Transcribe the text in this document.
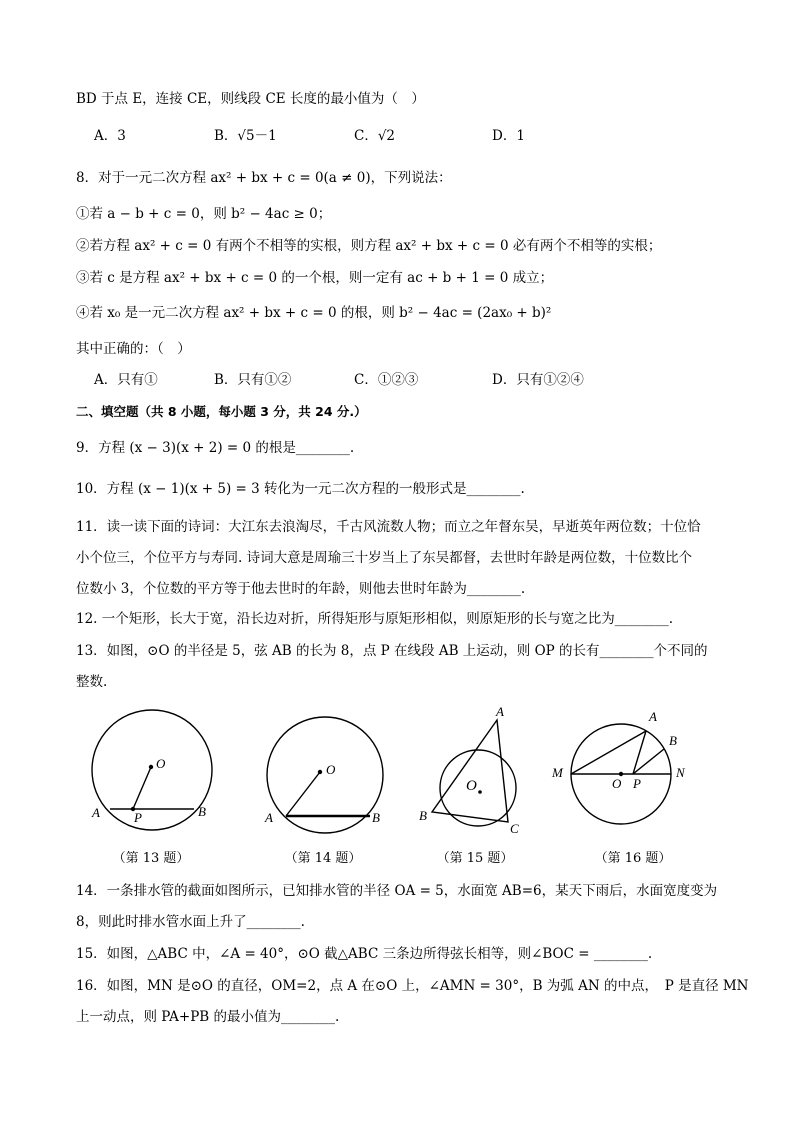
BD 于点 E，连接 CE，则线段 CE 长度的最小值为（　）
A．3	B．√5－1	C．√2	D．1
8．对于一元二次方程 ax² + bx + c = 0(a ≠ 0)，下列说法：
①若 a − b + c = 0，则 b² − 4ac ≥ 0；
②若方程 ax² + c = 0 有两个不相等的实根，则方程 ax² + bx + c = 0 必有两个不相等的实根；
③若 c 是方程 ax² + bx + c = 0 的一个根，则一定有 ac + b + 1 = 0 成立；
④若 x₀ 是一元二次方程 ax² + bx + c = 0 的根，则 b² − 4ac = (2ax₀ + b)²
其中正确的：（　）
A．只有①	B．只有①②	C．①②③	D．只有①②④
二、填空题（共 8 小题，每小题 3 分，共 24 分.）
9．方程 (x − 3)(x + 2) = 0 的根是________.
10．方程 (x − 1)(x + 5) = 3 转化为一元二次方程的一般形式是________.
11．读一读下面的诗词：大江东去浪淘尽，千古风流数人物；而立之年督东吴，早逝英年两位数；十位恰
小个位三，个位平方与寿同. 诗词大意是周瑜三十岁当上了东吴都督，去世时年龄是两位数，十位数比个
位数小 3，个位数的平方等于他去世时的年龄，则他去世时年龄为________.
12. 一个矩形，长大于宽，沿长边对折，所得矩形与原矩形相似，则原矩形的长与宽之比为________.
13．如图，⊙O 的半径是 5，弦 AB 的长为 8，点 P 在线段 AB 上运动，则 OP 的长有________个不同的
整数.
O
A	B
P
（第 13 题）
O
A	B
（第 14 题）
A
B
C
O
（第 15 题）
A
B
M	N
O P
（第 16 题）
14．一条排水管的截面如图所示，已知排水管的半径 OA = 5，水面宽 AB=6，某天下雨后，水面宽度变为
8，则此时排水管水面上升了________.
15．如图，△ABC 中，∠A = 40°，⊙O 截△ABC 三条边所得弦长相等，则∠BOC = ________.
16．如图，MN 是⊙O 的直径，OM=2，点 A 在⊙O 上，∠AMN = 30°，B 为弧 AN 的中点，　P 是直径 MN
上一动点，则 PA+PB 的最小值为________.
